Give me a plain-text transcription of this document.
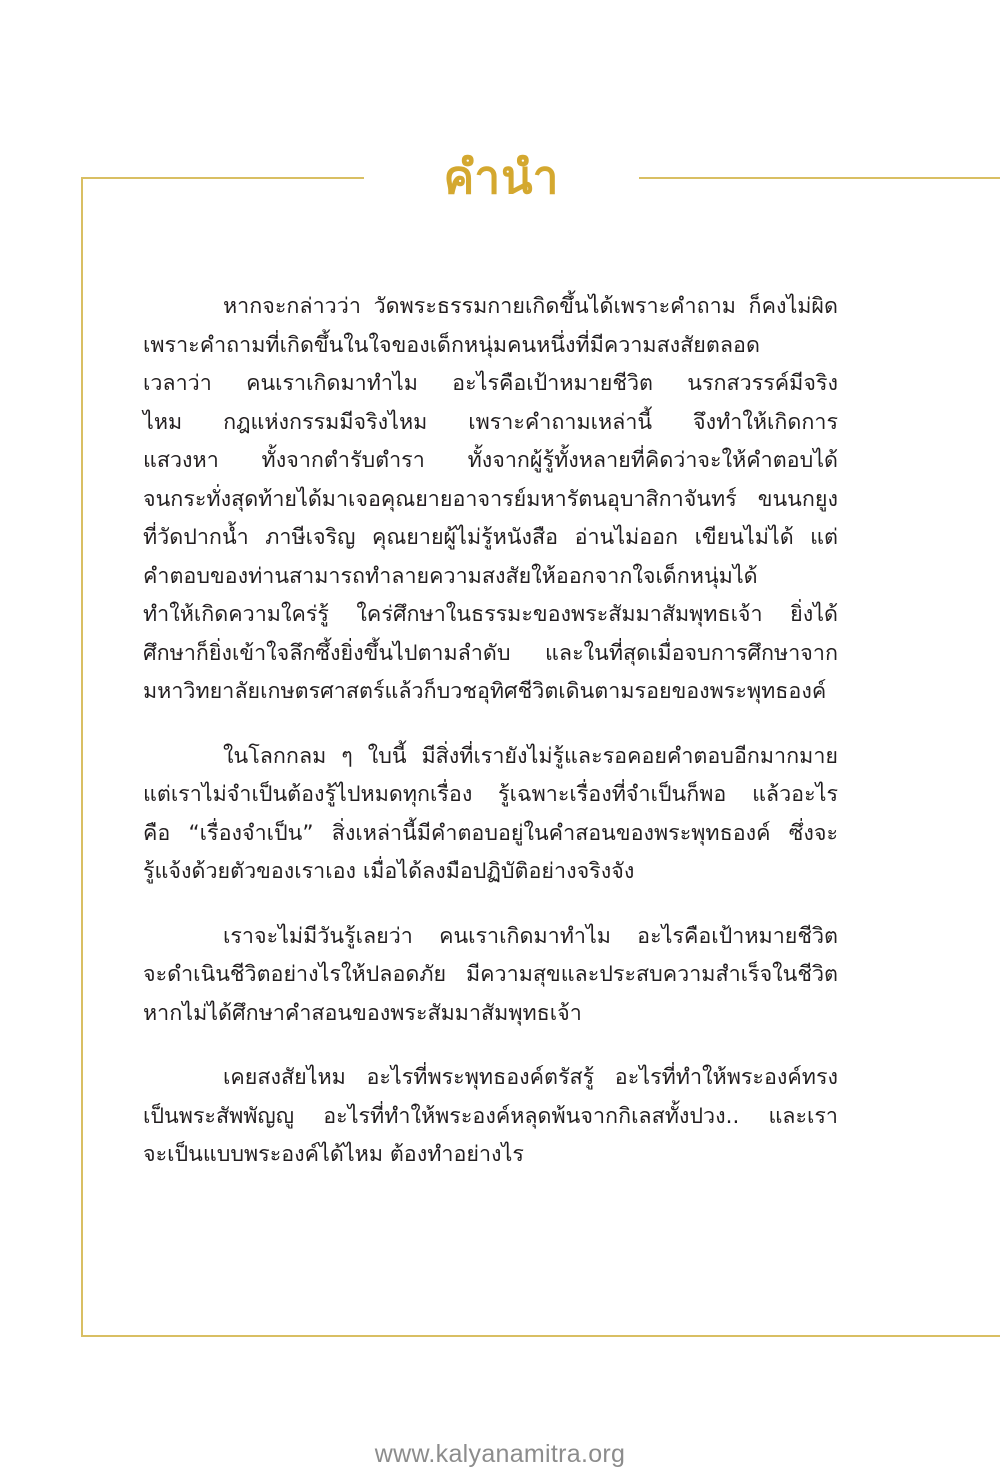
คำนำ
หากจะกล่าวว่า วัดพระธรรมกายเกิดขึ้นได้เพราะคำถาม ก็คงไม่ผิด
เพราะคำถามที่เกิดขึ้นในใจของเด็กหนุ่มคนหนึ่งที่มีความสงสัยตลอด
เวลาว่า คนเราเกิดมาทำไม อะไรคือเป้าหมายชีวิต นรกสวรรค์มีจริง
ไหม กฎแห่งกรรมมีจริงไหม เพราะคำถามเหล่านี้ จึงทำให้เกิดการ
แสวงหา ทั้งจากตำรับตำรา ทั้งจากผู้รู้ทั้งหลายที่คิดว่าจะให้คำตอบได้
จนกระทั่งสุดท้ายได้มาเจอคุณยายอาจารย์มหารัตนอุบาสิกาจันทร์ ขนนกยูง
ที่วัดปากน้ำ ภาษีเจริญ คุณยายผู้ไม่รู้หนังสือ อ่านไม่ออก เขียนไม่ได้ แต่
คำตอบของท่านสามารถทำลายความสงสัยให้ออกจากใจเด็กหนุ่มได้
ทำให้เกิดความใคร่รู้ ใคร่ศึกษาในธรรมะของพระสัมมาสัมพุทธเจ้า ยิ่งได้
ศึกษาก็ยิ่งเข้าใจลึกซึ้งยิ่งขึ้นไปตามลำดับ และในที่สุดเมื่อจบการศึกษาจาก
มหาวิทยาลัยเกษตรศาสตร์แล้วก็บวชอุทิศชีวิตเดินตามรอยของพระพุทธองค์
ในโลกกลม ๆ ใบนี้ มีสิ่งที่เรายังไม่รู้และรอคอยคำตอบอีกมากมาย
แต่เราไม่จำเป็นต้องรู้ไปหมดทุกเรื่อง รู้เฉพาะเรื่องที่จำเป็นก็พอ แล้วอะไร
คือ “เรื่องจำเป็น” สิ่งเหล่านี้มีคำตอบอยู่ในคำสอนของพระพุทธองค์ ซึ่งจะ
รู้แจ้งด้วยตัวของเราเอง เมื่อได้ลงมือปฏิบัติอย่างจริงจัง
เราจะไม่มีวันรู้เลยว่า คนเราเกิดมาทำไม อะไรคือเป้าหมายชีวิต
จะดำเนินชีวิตอย่างไรให้ปลอดภัย มีความสุขและประสบความสำเร็จในชีวิต
หากไม่ได้ศึกษาคำสอนของพระสัมมาสัมพุทธเจ้า
เคยสงสัยไหม อะไรที่พระพุทธองค์ตรัสรู้ อะไรที่ทำให้พระองค์ทรง
เป็นพระสัพพัญญู อะไรที่ทำให้พระองค์หลุดพ้นจากกิเลสทั้งปวง.. และเรา
จะเป็นแบบพระองค์ได้ไหม ต้องทำอย่างไร
www.kalyanamitra.org
